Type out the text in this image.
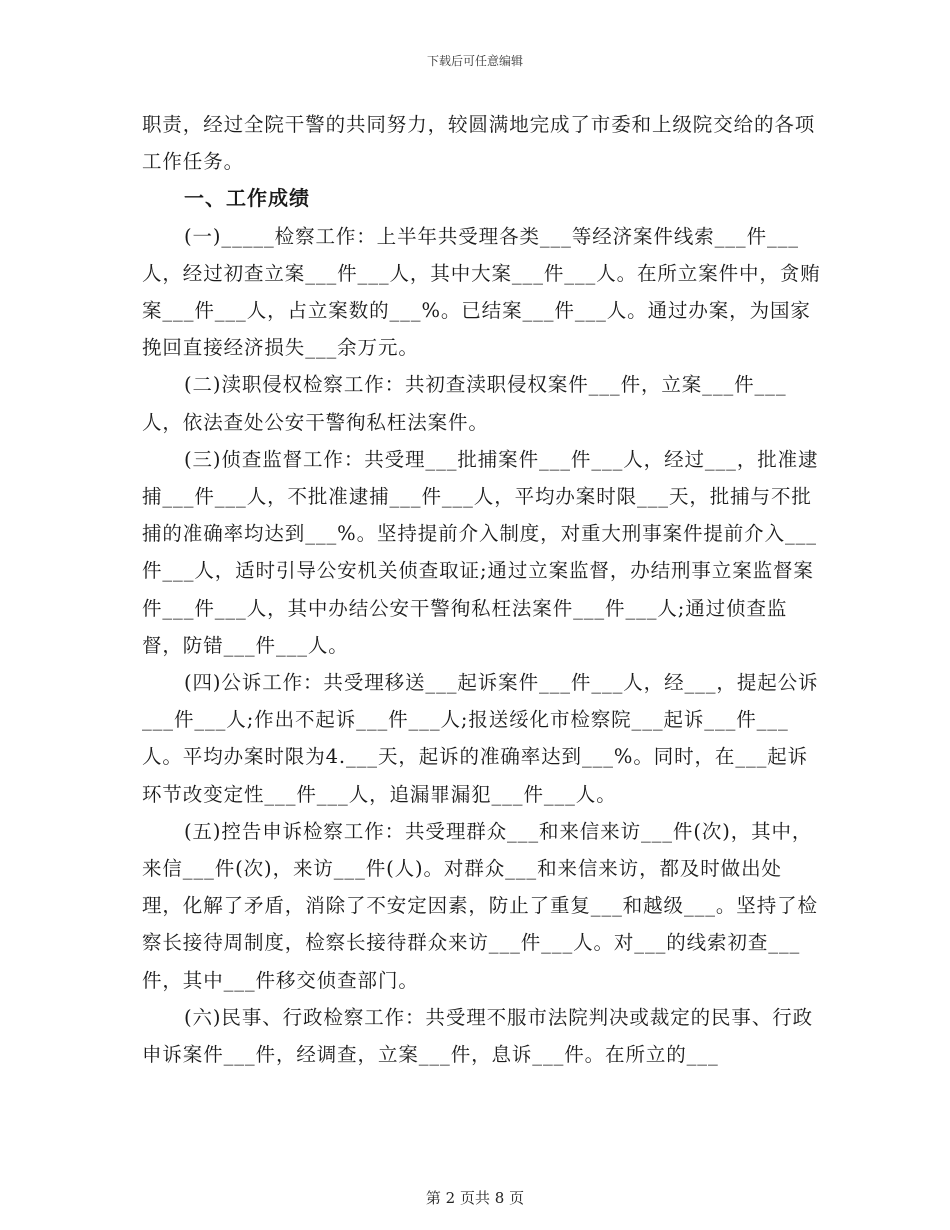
下载后可任意编辑

职责，经过全院干警的共同努力，较圆满地完成了市委和上级院交给的各项工作任务。

一、工作成绩

(一)_____检察工作：上半年共受理各类___等经济案件线索___件___人，经过初查立案___件___人，其中大案___件___人。在所立案件中，贪贿案___件___人，占立案数的___%。已结案___件___人。通过办案，为国家挽回直接经济损失___余万元。

(二)渎职侵权检察工作：共初查渎职侵权案件___件，立案___件___人，依法查处公安干警徇私枉法案件。

(三)侦查监督工作：共受理___批捕案件___件___人，经过___，批准逮捕___件___人，不批准逮捕___件___人，平均办案时限___天，批捕与不批捕的准确率均达到___%。坚持提前介入制度，对重大刑事案件提前介入___件___人，适时引导公安机关侦查取证;通过立案监督，办结刑事立案监督案件___件___人，其中办结公安干警徇私枉法案件___件___人;通过侦查监督，防错___件___人。

(四)公诉工作：共受理移送___起诉案件___件___人，经___，提起公诉___件___人;作出不起诉___件___人;报送绥化市检察院___起诉___件___人。平均办案时限为4.___天，起诉的准确率达到___%。同时，在___起诉环节改变定性___件___人，追漏罪漏犯___件___人。

(五)控告申诉检察工作：共受理群众___和来信来访___件(次)，其中，来信___件(次)，来访___件(人)。对群众___和来信来访，都及时做出处理，化解了矛盾，消除了不安定因素，防止了重复___和越级___。坚持了检察长接待周制度，检察长接待群众来访___件___人。对___的线索初查___件，其中___件移交侦查部门。

(六)民事、行政检察工作：共受理不服市法院判决或裁定的民事、行政申诉案件___件，经调查，立案___件，息诉___件。在所立的___

第 2 页共 8 页
